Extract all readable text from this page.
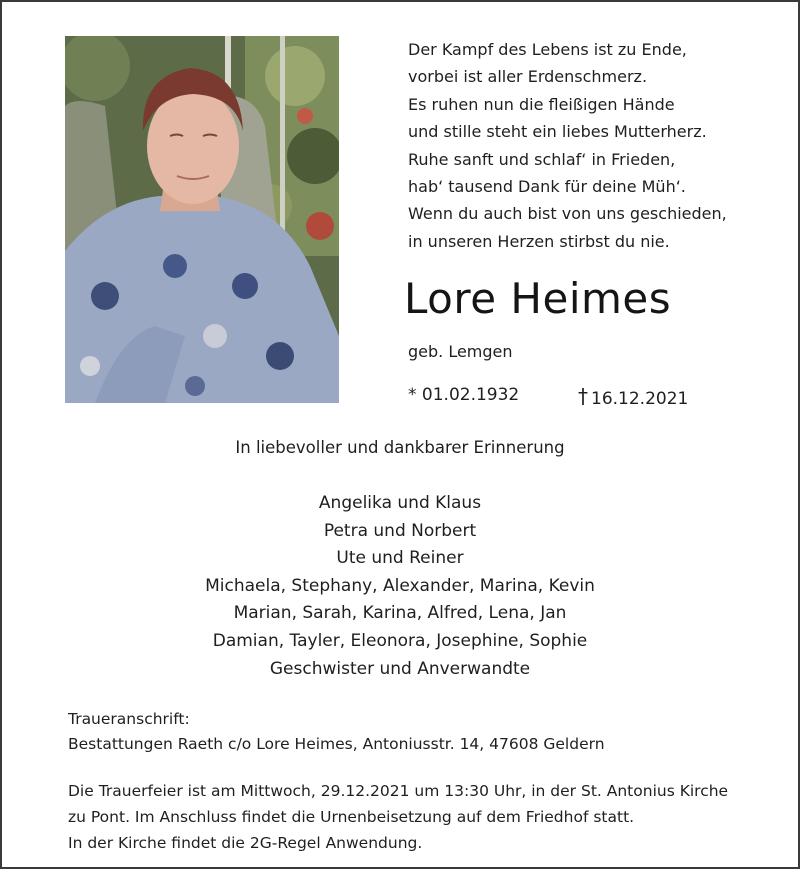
Der Kampf des Lebens ist zu Ende,
vorbei ist aller Erdenschmerz.
Es ruhen nun die fleißigen Hände
und stille steht ein liebes Mutterherz.
Ruhe sanft und schlaf‘ in Frieden,
hab‘ tausend Dank für deine Müh‘.
Wenn du auch bist von uns geschieden,
in unseren Herzen stirbst du nie.
Lore Heimes
geb. Lemgen
* 01.02.1932	† 16.12.2021
In liebevoller und dankbarer Erinnerung
Angelika und Klaus
Petra und Norbert
Ute und Reiner
Michaela, Stephany, Alexander, Marina, Kevin
Marian, Sarah, Karina, Alfred, Lena, Jan
Damian, Tayler, Eleonora, Josephine, Sophie
Geschwister und Anverwandte
Traueranschrift:
Bestattungen Raeth c/o Lore Heimes, Antoniusstr. 14, 47608 Geldern
Die Trauerfeier ist am Mittwoch, 29.12.2021 um 13:30 Uhr, in der St. Antonius Kirche
zu Pont. Im Anschluss findet die Urnenbeisetzung auf dem Friedhof statt.
In der Kirche findet die 2G-Regel Anwendung.
